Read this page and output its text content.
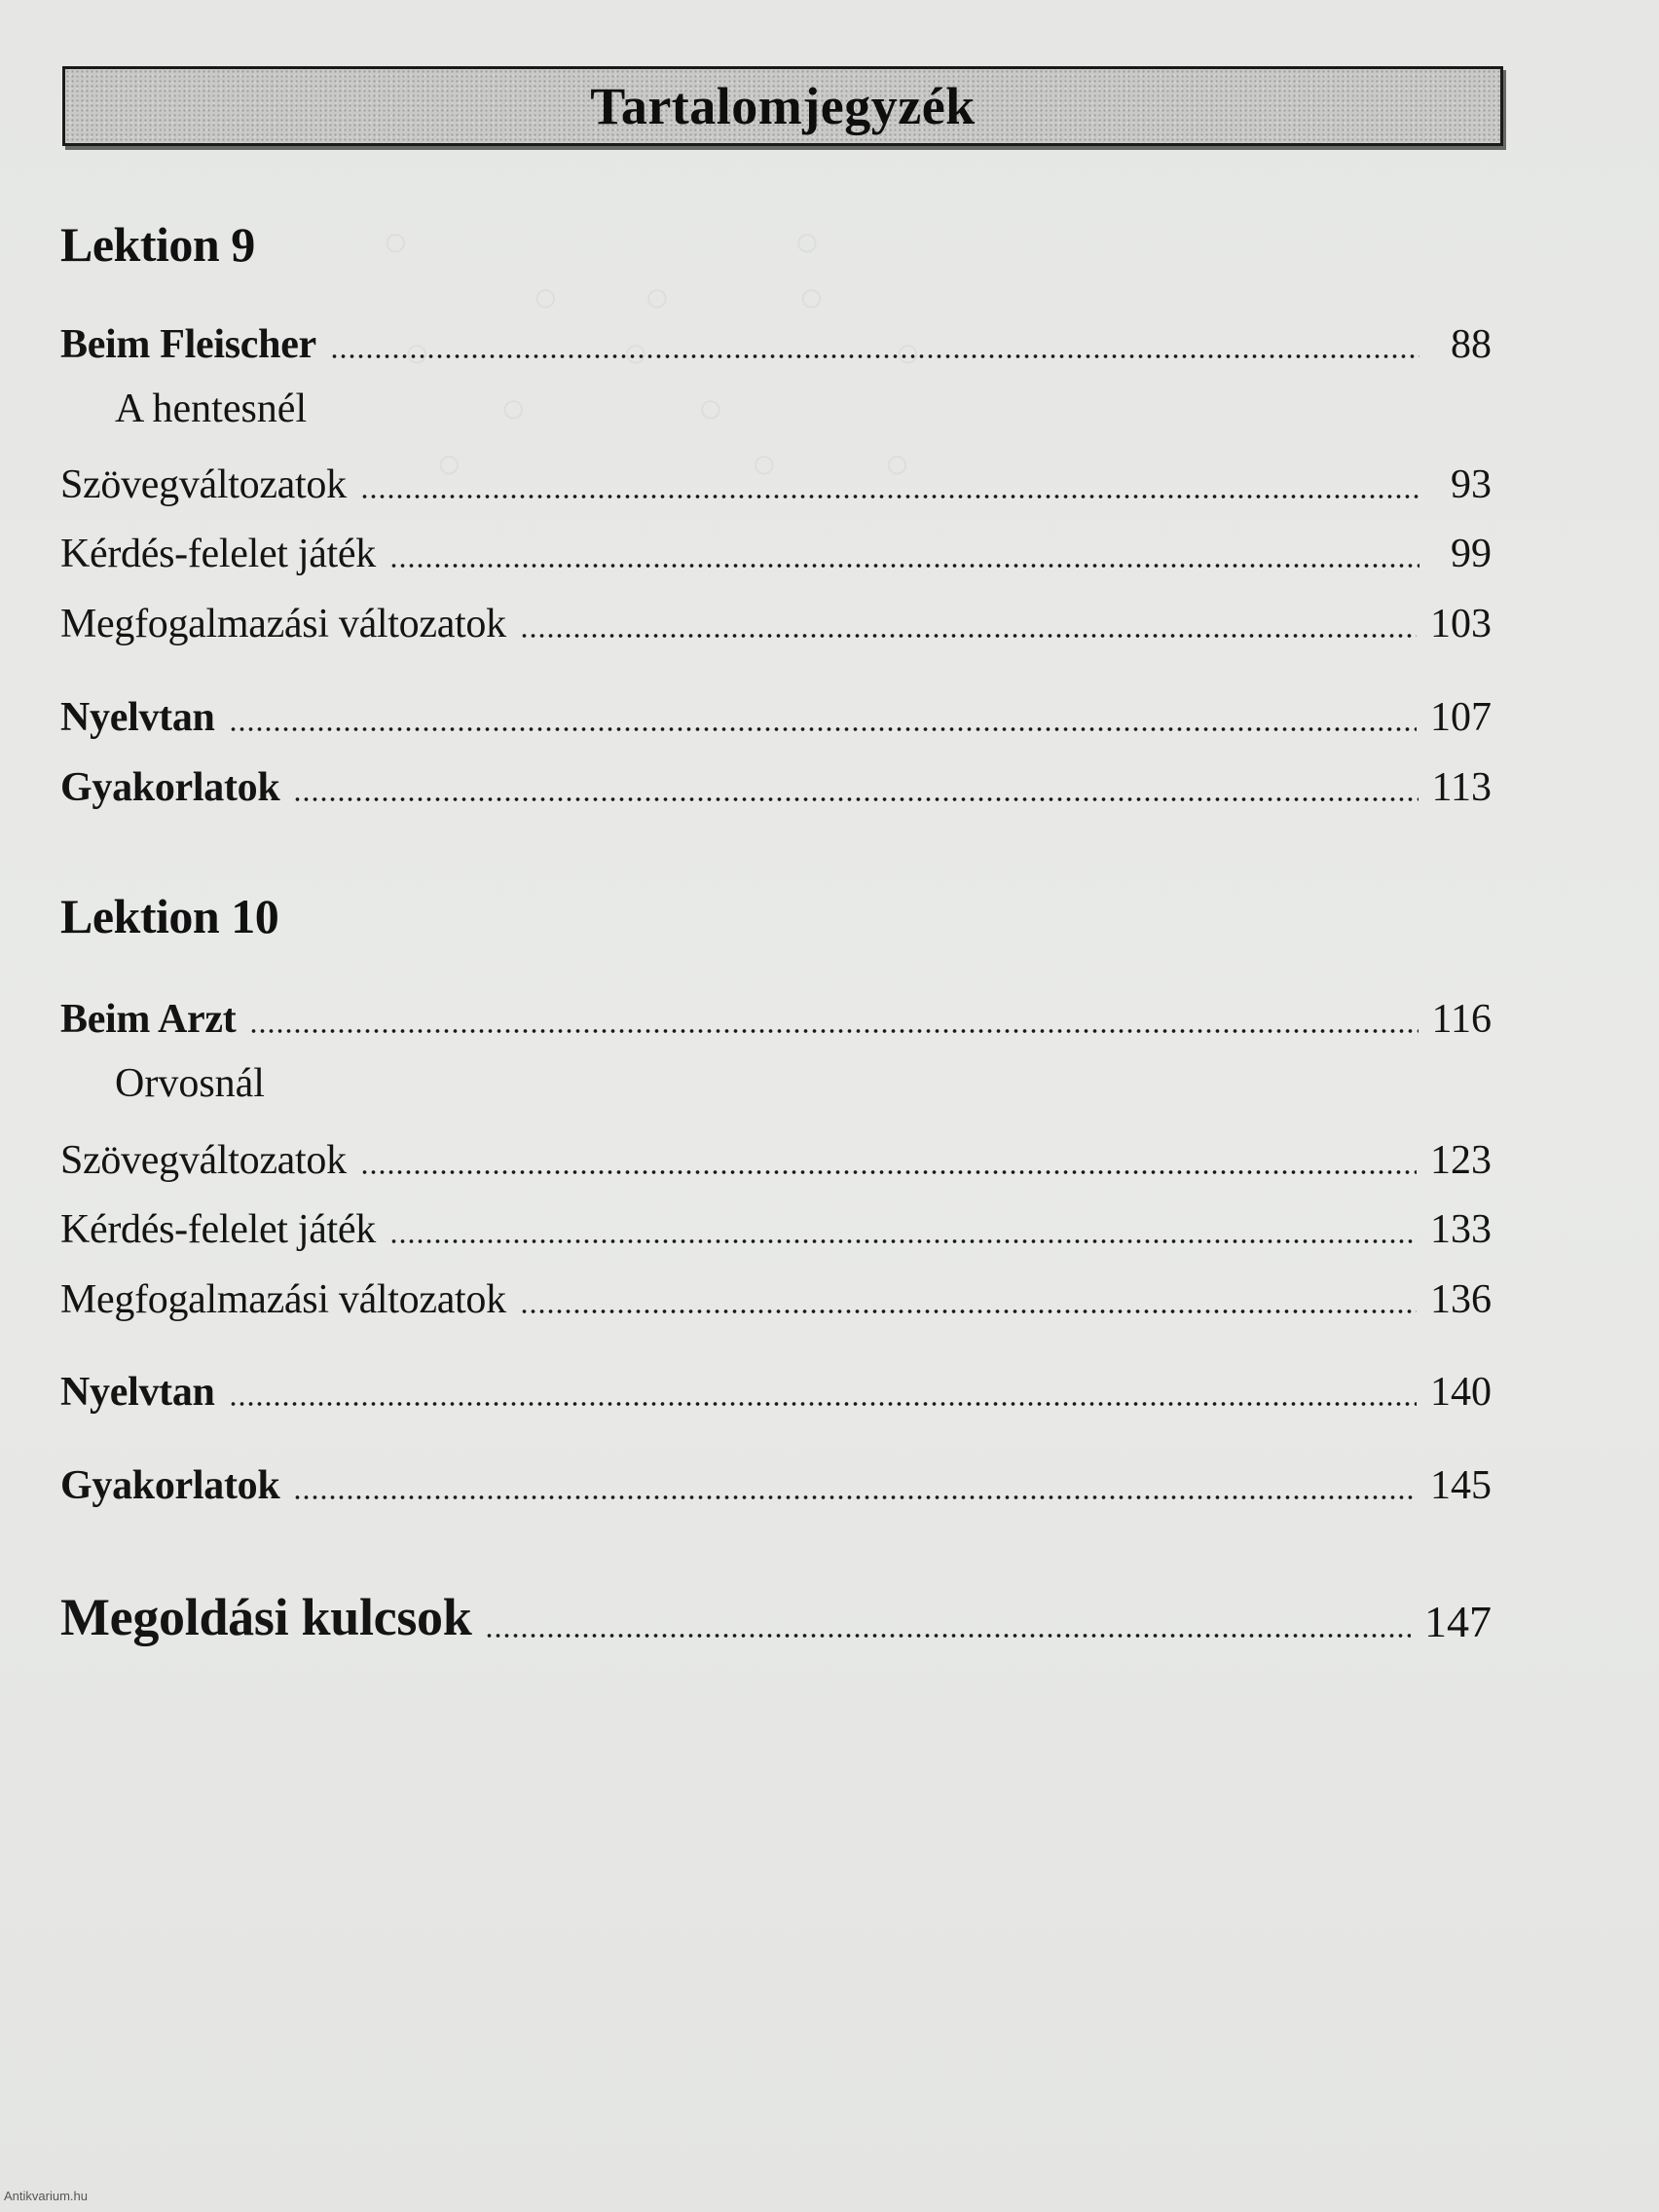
Tartalomjegyzék
Lektion 9
Beim Fleischer	88
A hentesnél
Szövegváltozatok	93
Kérdés-felelet játék	99
Megfogalmazási változatok	103
Nyelvtan	107
Gyakorlatok	113
Lektion 10
Beim Arzt	116
Orvosnál
Szövegváltozatok	123
Kérdés-felelet játék	133
Megfogalmazási változatok	136
Nyelvtan	140
Gyakorlatok	145
Megoldási kulcsok	147
Antikvarium.hu
